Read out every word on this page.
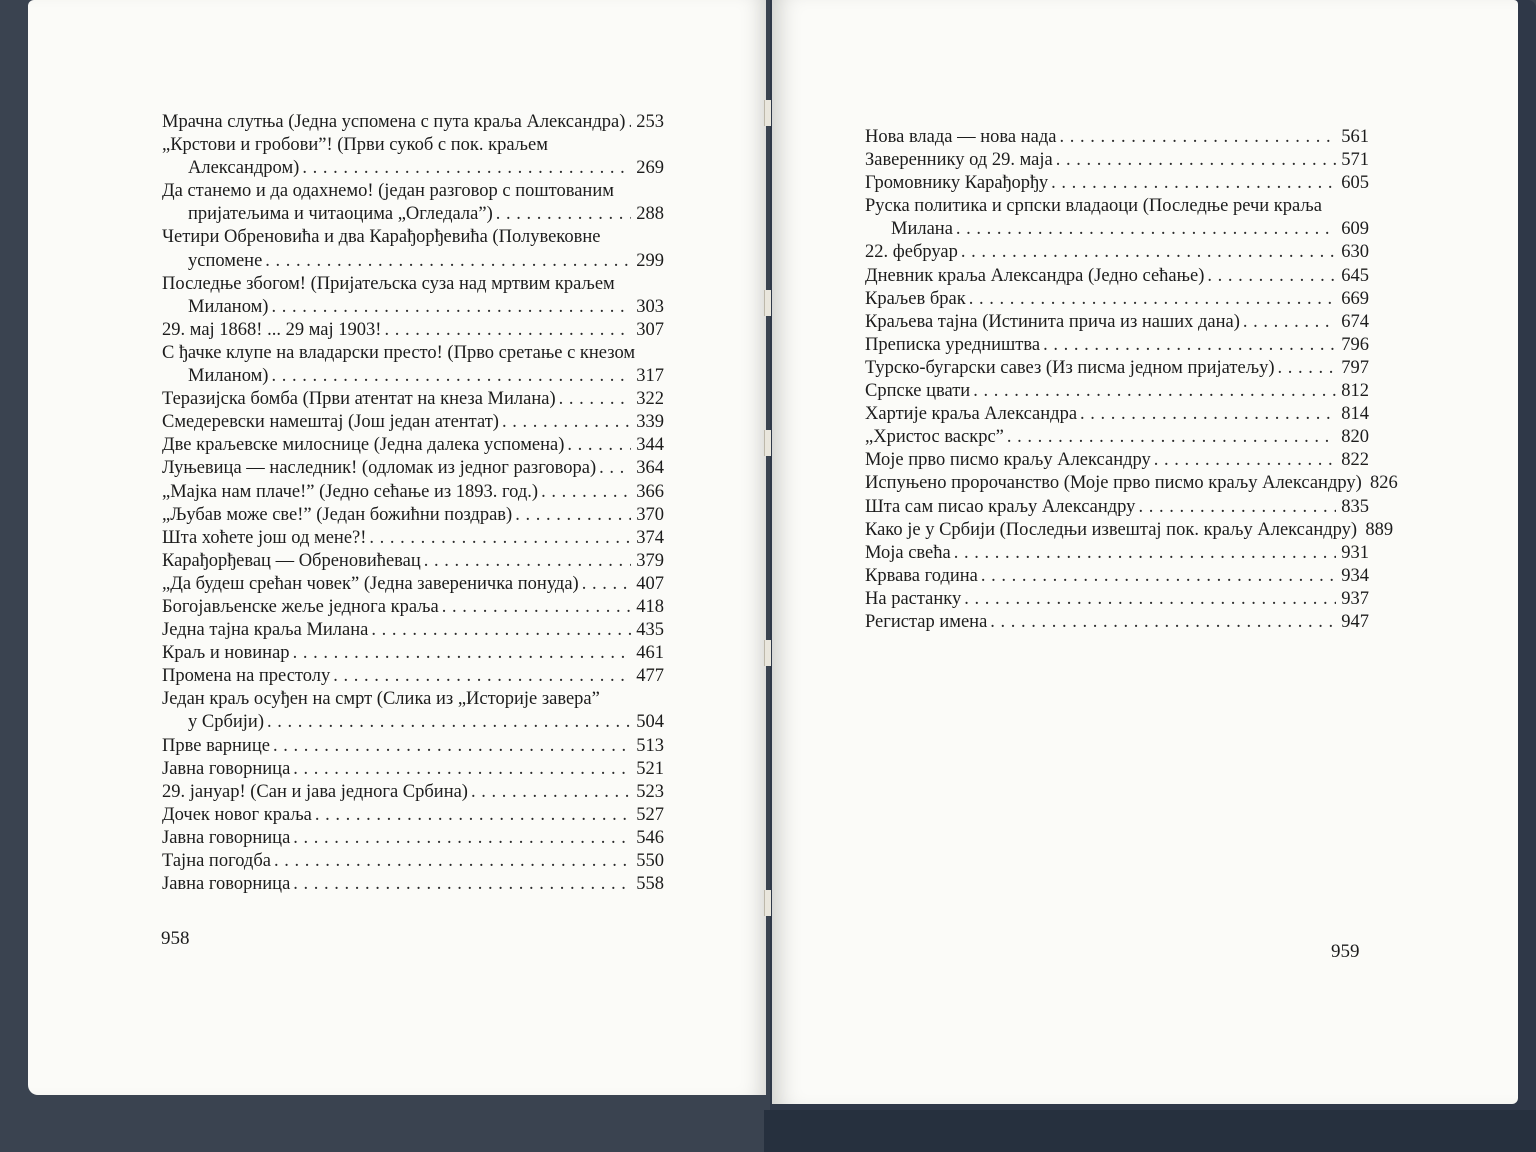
Мрачна слутња (Једна успомена с пута краља Александра) . . . 253
„Крстови и гробови”! (Први сукоб с пок. краљем
Александром) . . .	269
Да станемо и да одахнемо! (један разговор с поштованим
пријатељима и читаоцима „Огледала”) . . .	288
Четири Обреновића и два Карађорђевића (Полувековне
успомене . . .	299
Последње збогом! (Пријатељска суза над мртвим краљем
Миланом) . . .	303
29. мај 1868! ... 29 мај 1903! . . .	307
С ђачке клупе на владарски престо! (Прво сретање с кнезом
Миланом) . . .	317
Теразијска бомба (Први атентат на кнеза Милана) . . .	322
Смедеревски намештај (Још један атентат) . . .	339
Две краљевске милоснице (Једна далека успомена) . . .	344
Луњевица — наследник! (одломак из једног разговора) . . . 364
„Мајка нам плаче!” (Једно сећање из 1893. год.) . . .	366
„Љубав може све!” (Један божићни поздрав) . . .	370
Шта хоћете још од мене?! . . .	374
Карађорђевац — Обреновићевац . . .	379
„Да будеш срећан човек” (Једна завереничка понуда) . . .	407
Богојављенске жеље једнога краља . . .	418
Једна тајна краља Милана . . .	435
Краљ и новинар . . .	461
Промена на престолу . . .	477
Један краљ осуђен на смрт (Слика из „Историје завера”
у Србији) . . .	504
Прве варнице . . .	513
Јавна говорница . . .	521
29. јануар! (Сан и јава једнога Србина) . . .	523
Дочек новог краља . . .	527
Јавна говорница . . .	546
Тајна погодба . . .	550
Јавна говорница . . .	558
Нова влада — нова нада . . .	561
Завереннику од 29. маја . . .	571
Громовнику Карађорђу . . .	605
Руска политика и српски владаоци (Последње речи краља
Милана . . .	609
22. фебруар . . .	630
Дневник краља Александра (Једно сећање) . . .	645
Краљев брак . . .	669
Краљева тајна (Истинита прича из наших дана) . . .	674
Преписка уредништва . . .	796
Турско-бугарски савез (Из писма једном пријатељу) . . .	797
Српске цвати . . .	812
Хартије краља Александра . . .	814
„Христос васкрс” . . .	820
Моје прво писмо краљу Александру . . .	822
Испуњено пророчанство (Моје прво писмо краљу Александру) 826
Шта сам писао краљу Александру . . .	835
Како је у Србији (Последњи извештај пок. краљу Александру) 889
Моја свећа . . .	931
Крвава година . . .	934
На растанку . . .	937
Регистар имена . . .	947
958
959
